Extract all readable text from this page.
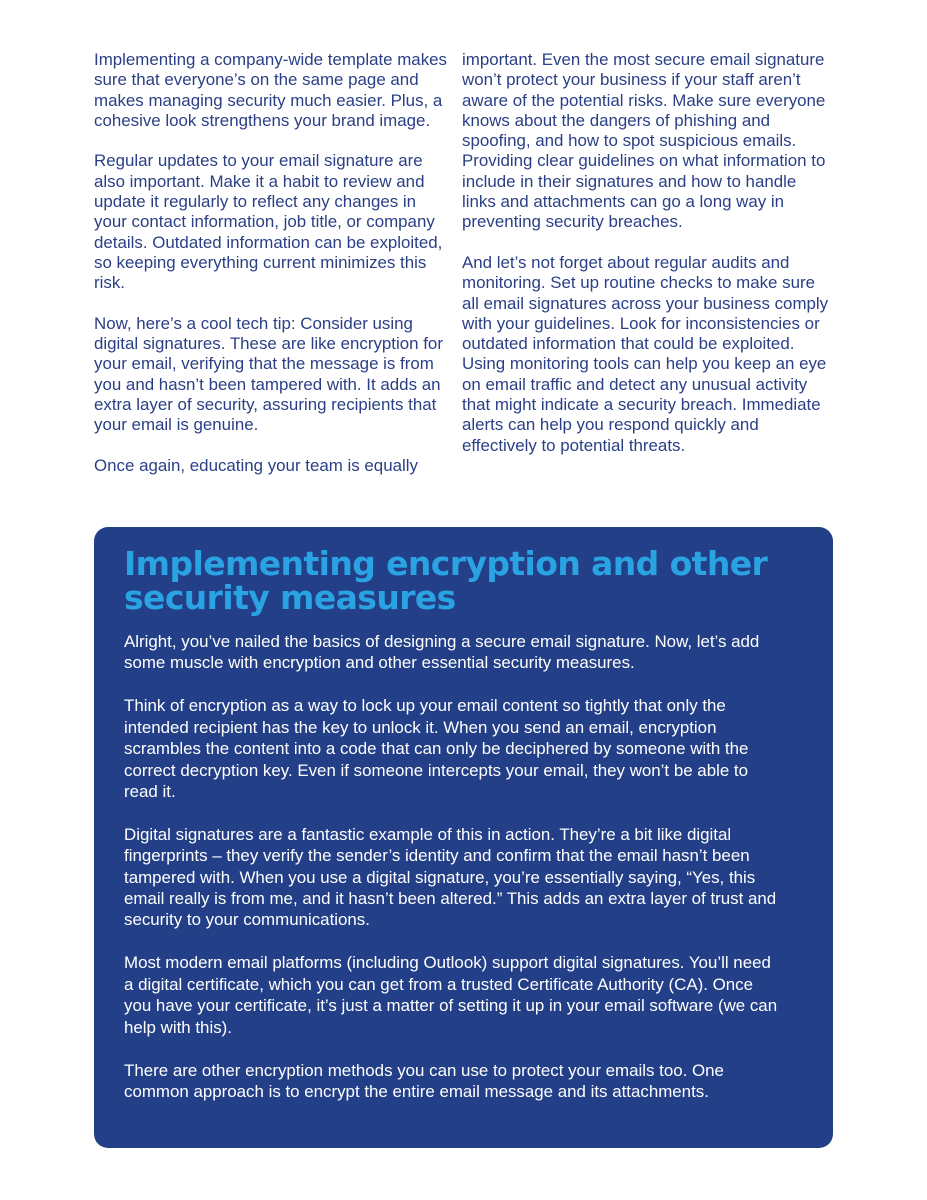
Implementing a company-wide template makes sure that everyone’s on the same page and makes managing security much easier. Plus, a cohesive look strengthens your brand image.

Regular updates to your email signature are also important. Make it a habit to review and update it regularly to reflect any changes in your contact information, job title, or company details. Outdated information can be exploited, so keeping everything current minimizes this risk.

Now, here’s a cool tech tip: Consider using digital signatures. These are like encryption for your email, verifying that the message is from you and hasn’t been tampered with. It adds an extra layer of security, assuring recipients that your email is genuine.

Once again, educating your team is equally

important. Even the most secure email signature won’t protect your business if your staff aren’t aware of the potential risks. Make sure everyone knows about the dangers of phishing and spoofing, and how to spot suspicious emails. Providing clear guidelines on what information to include in their signatures and how to handle links and attachments can go a long way in preventing security breaches.

And let’s not forget about regular audits and monitoring. Set up routine checks to make sure all email signatures across your business comply with your guidelines. Look for inconsistencies or outdated information that could be exploited. Using monitoring tools can help you keep an eye on email traffic and detect any unusual activity that might indicate a security breach. Immediate alerts can help you respond quickly and effectively to potential threats.

Implementing encryption and other security measures

Alright, you’ve nailed the basics of designing a secure email signature. Now, let’s add some muscle with encryption and other essential security measures.

Think of encryption as a way to lock up your email content so tightly that only the intended recipient has the key to unlock it. When you send an email, encryption scrambles the content into a code that can only be deciphered by someone with the correct decryption key. Even if someone intercepts your email, they won’t be able to read it.

Digital signatures are a fantastic example of this in action. They’re a bit like digital fingerprints – they verify the sender’s identity and confirm that the email hasn’t been tampered with. When you use a digital signature, you’re essentially saying, “Yes, this email really is from me, and it hasn’t been altered.” This adds an extra layer of trust and security to your communications.

Most modern email platforms (including Outlook) support digital signatures. You’ll need a digital certificate, which you can get from a trusted Certificate Authority (CA). Once you have your certificate, it’s just a matter of setting it up in your email software (we can help with this).

There are other encryption methods you can use to protect your emails too. One common approach is to encrypt the entire email message and its attachments.
